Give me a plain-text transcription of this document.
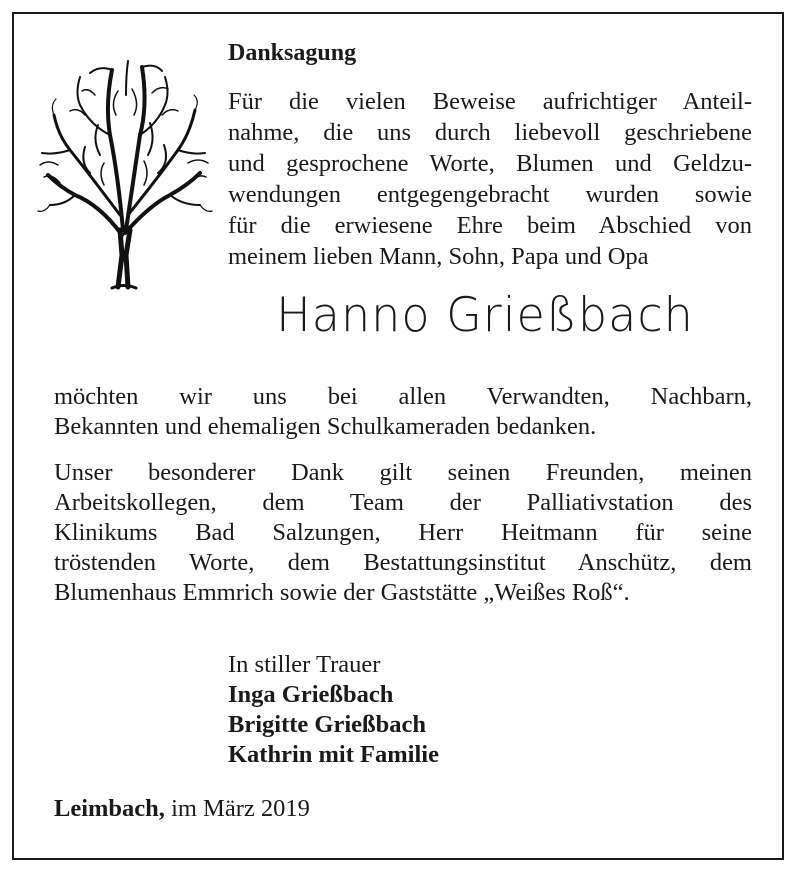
Danksagung
Für die vielen Beweise aufrichtiger Anteil-
nahme, die uns durch liebevoll geschriebene
und gesprochene Worte, Blumen und Geldzu-
wendungen entgegengebracht wurden sowie
für die erwiesene Ehre beim Abschied von
meinem lieben Mann, Sohn, Papa und Opa
Hanno Grießbach
möchten wir uns bei allen Verwandten, Nachbarn,
Bekannten und ehemaligen Schulkameraden bedanken.
Unser besonderer Dank gilt seinen Freunden, meinen
Arbeitskollegen, dem Team der Palliativstation des
Klinikums Bad Salzungen, Herr Heitmann für seine
tröstenden Worte, dem Bestattungsinstitut Anschütz, dem
Blumenhaus Emmrich sowie der Gaststätte „Weißes Roß“.
In stiller Trauer
Inga Grießbach
Brigitte Grießbach
Kathrin mit Familie
Leimbach, im März 2019
